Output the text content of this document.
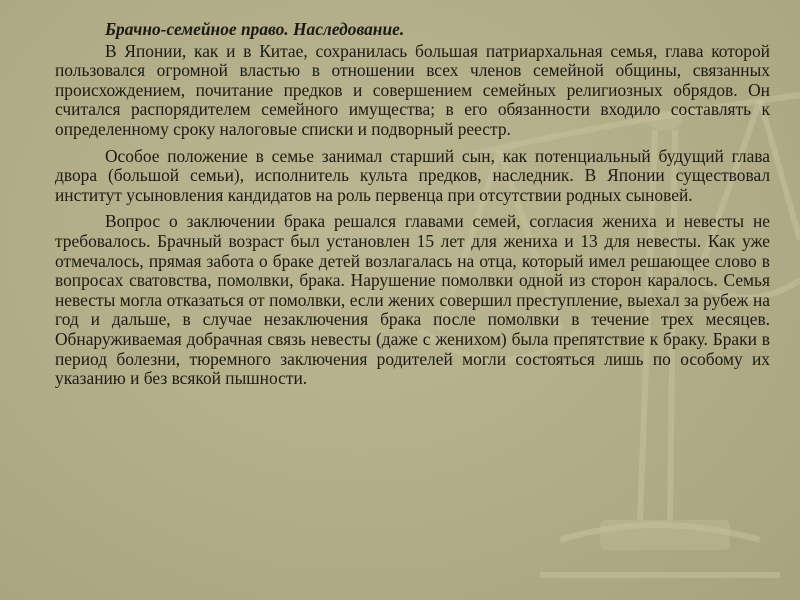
Брачно-семейное право. Наследование.

В Японии, как и в Китае, сохранилась большая патриархальная семья, глава которой пользовался огромной властью в отношении всех членов семейной общины, связанных происхождением, почитание предков и совершением семейных религиозных обрядов. Он считался распорядителем семейного имущества; в его обязанности входило составлять к определенному сроку налоговые списки и подворный реестр.

Особое положение в семье занимал старший сын, как потенциальный будущий глава двора (большой семьи), исполнитель культа предков, наследник. В Японии существовал институт усыновления кандидатов на роль первенца при отсутствии родных сыновей.

Вопрос о заключении брака решался главами семей, согласия жениха и невесты не требовалось. Брачный возраст был установлен 15 лет для жениха и 13 для невесты. Как уже отмечалось, прямая забота о браке детей возлагалась на отца, который имел решающее слово в вопросах сватовства, помолвки, брака. Нарушение помолвки одной из сторон каралось. Семья невесты могла отказаться от помолвки, если жених совершил преступление, выехал за рубеж на год и дальше, в случае незаключения брака после помолвки в течение трех месяцев. Обнаруживаемая добрачная связь невесты (даже с женихом) была препятствие к браку. Браки в период болезни, тюремного заключения родителей могли состояться лишь по особому их указанию и без всякой пышности.
